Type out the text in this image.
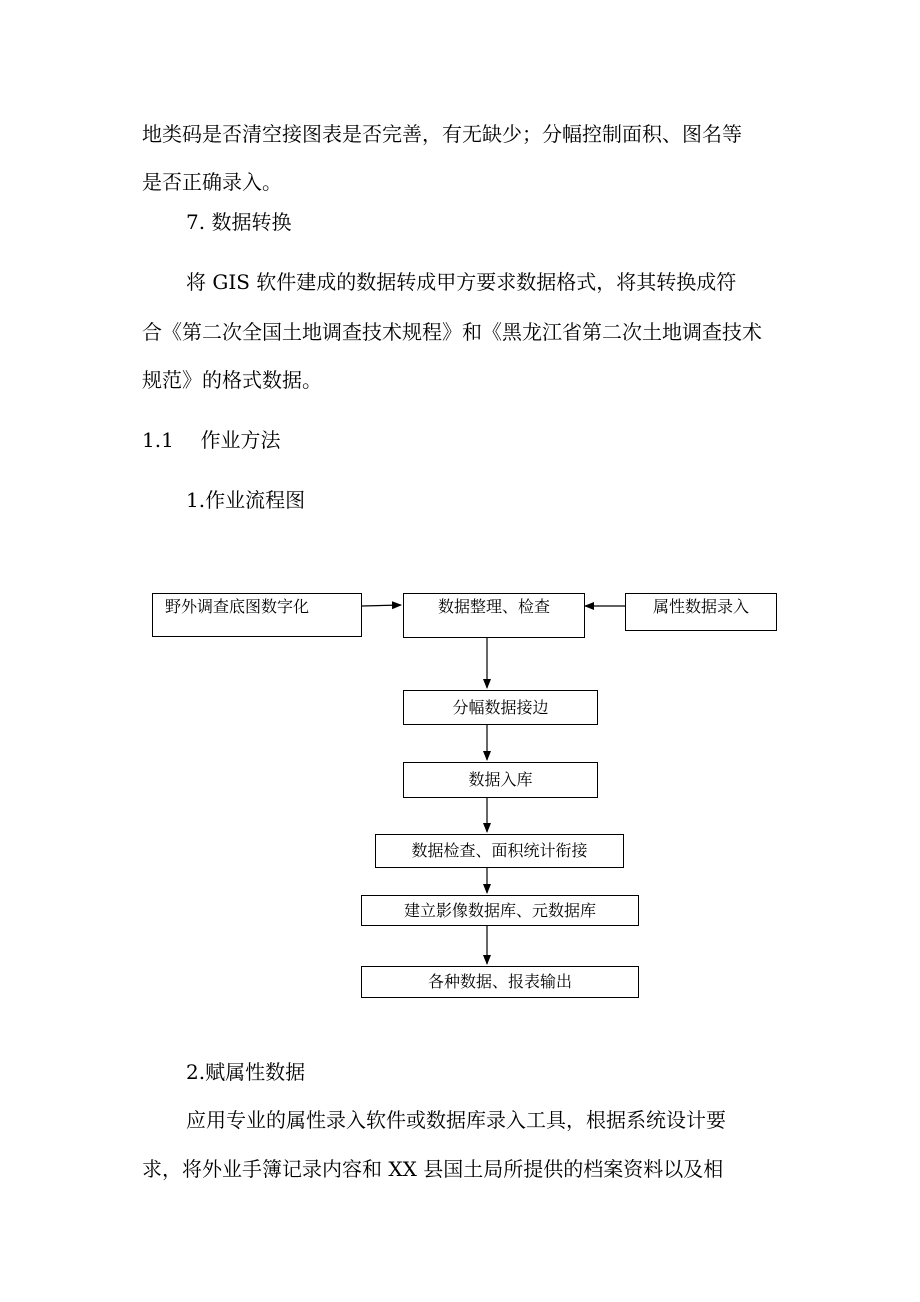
地类码是否清空接图表是否完善，有无缺少；分幅控制面积、图名等
是否正确录入。
7. 数据转换
将 GIS 软件建成的数据转成甲方要求数据格式，将其转换成符
合《第二次全国土地调查技术规程》和《黑龙江省第二次土地调查技术
规范》的格式数据。
1.1 作业方法
1.作业流程图
野外调查底图数字化	数据整理、检查	属性数据录入
分幅数据接边
数据入库
数据检查、面积统计衔接
建立影像数据库、元数据库
各种数据、报表输出
2.赋属性数据
应用专业的属性录入软件或数据库录入工具，根据系统设计要
求，将外业手簿记录内容和 XX 县国土局所提供的档案资料以及相
